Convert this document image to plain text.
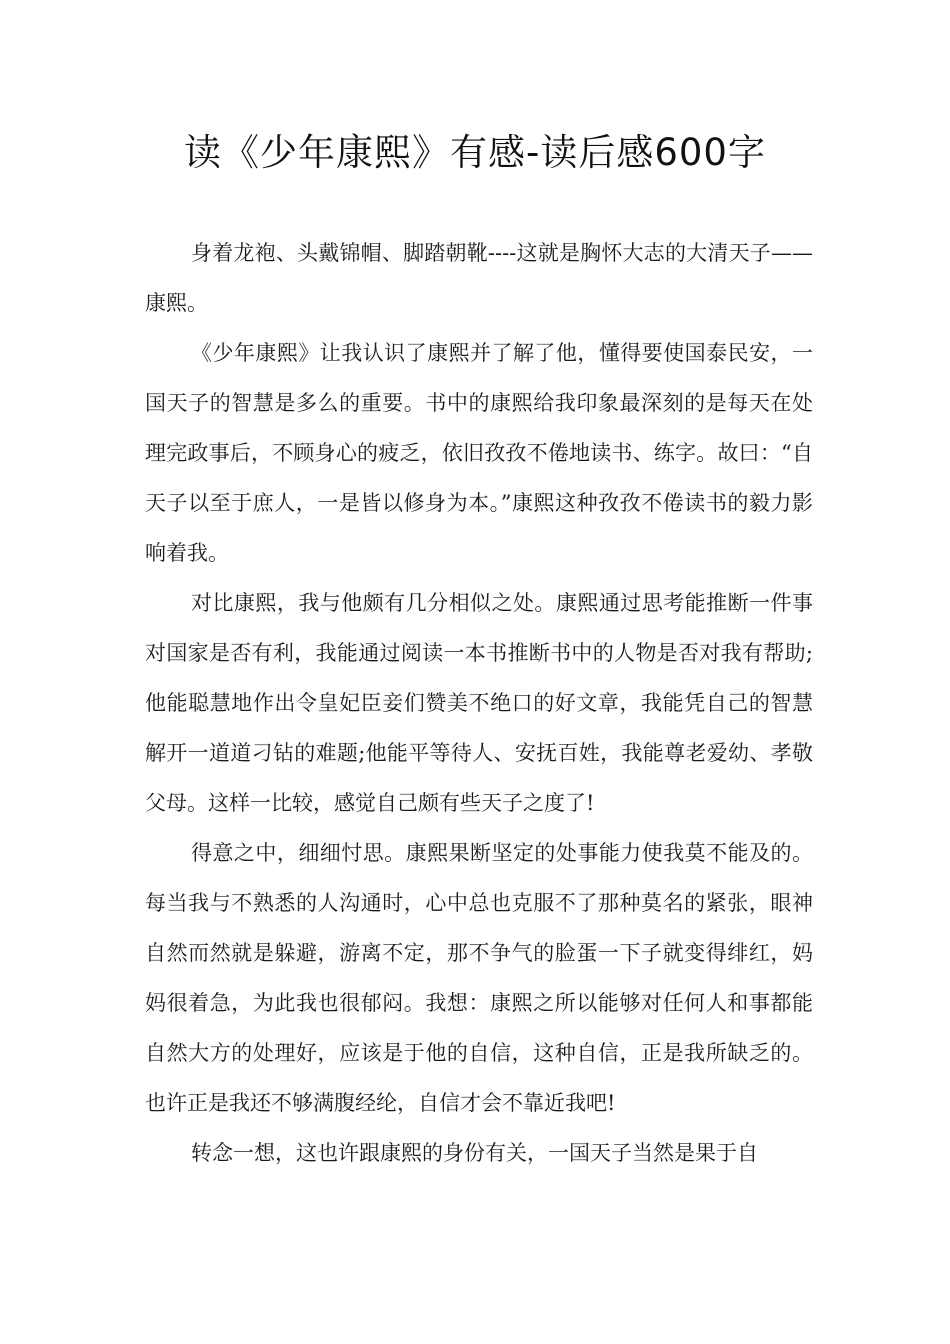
读《少年康熙》有感-读后感600字

身着龙袍、头戴锦帽、脚踏朝靴----这就是胸怀大志的大清天子——康熙。

《少年康熙》让我认识了康熙并了解了他，懂得要使国泰民安，一国天子的智慧是多么的重要。书中的康熙给我印象最深刻的是每天在处理完政事后，不顾身心的疲乏，依旧孜孜不倦地读书、练字。故曰：“自天子以至于庶人，一是皆以修身为本。”康熙这种孜孜不倦读书的毅力影响着我。

对比康熙，我与他颇有几分相似之处。康熙通过思考能推断一件事对国家是否有利，我能通过阅读一本书推断书中的人物是否对我有帮助;他能聪慧地作出令皇妃臣妾们赞美不绝口的好文章，我能凭自己的智慧解开一道道刁钻的难题;他能平等待人、安抚百姓，我能尊老爱幼、孝敬父母。这样一比较，感觉自己颇有些天子之度了!

得意之中，细细忖思。康熙果断坚定的处事能力使我莫不能及的。每当我与不熟悉的人沟通时，心中总也克服不了那种莫名的紧张，眼神自然而然就是躲避，游离不定，那不争气的脸蛋一下子就变得绯红，妈妈很着急，为此我也很郁闷。我想：康熙之所以能够对任何人和事都能自然大方的处理好，应该是于他的自信，这种自信，正是我所缺乏的。也许正是我还不够满腹经纶，自信才会不靠近我吧!

转念一想，这也许跟康熙的身份有关，一国天子当然是果于自
